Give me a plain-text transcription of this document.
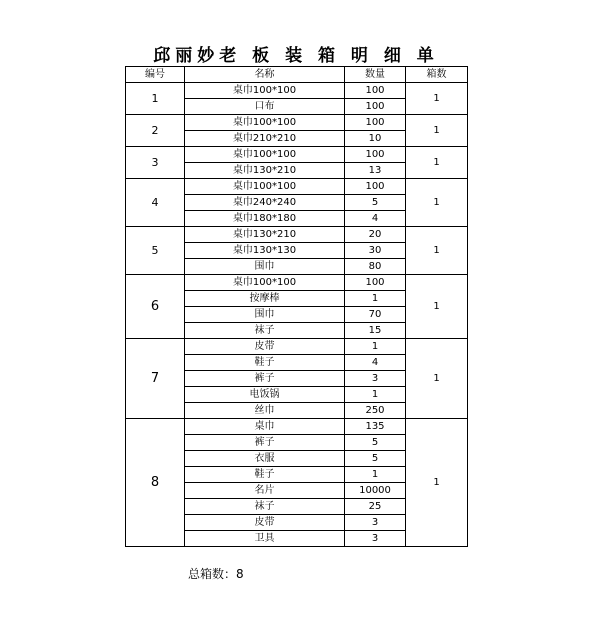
邱丽妙老 板 装 箱 明 细 单
编号	名称	数量	箱数
1	桌巾100*100	100	1
	口布	100	
2	桌巾100*100	100	1
	桌巾210*210	10	
3	桌巾100*100	100	1
	桌巾130*210	13	
4	桌巾100*100	100	1
	桌巾240*240	5	
	桌巾180*180	4	
5	桌巾130*210	20	1
	桌巾130*130	30	
	围巾	80	
6	桌巾100*100	100	1
	按摩棒	1	
	围巾	70	
	袜子	15	
7	皮带	1	1
	鞋子	4	
	裤子	3	
	电饭锅	1	
	丝巾	250	
8	桌巾	135	1
	裤子	5	
	衣服	5	
	鞋子	1	
	名片	10000	
	袜子	25	
	皮带	3	
	卫具	3	
总箱数：8
